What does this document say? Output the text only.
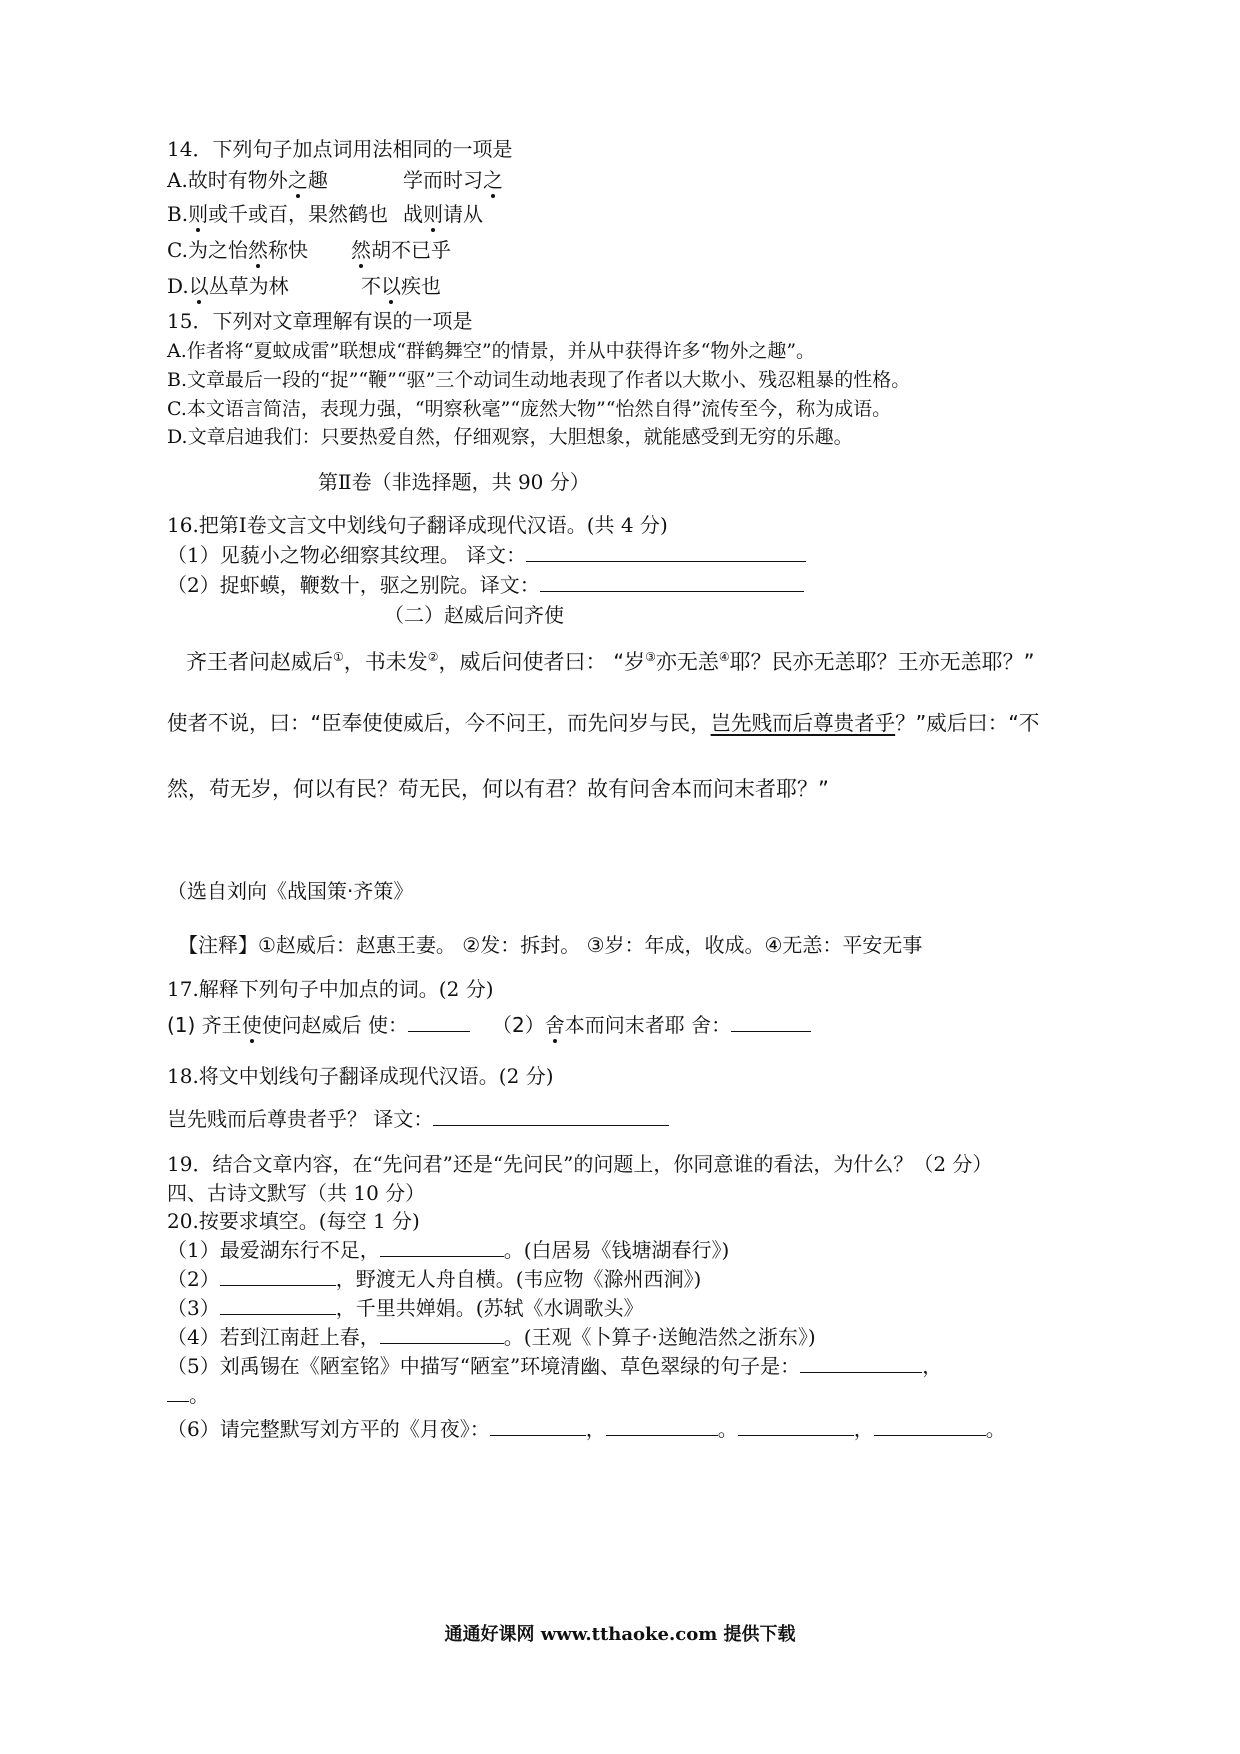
14．下列句子加点词用法相同的一项是
A.故时有物外之趣	学而时习之
B.则或千或百，果然鹤也 战则请从
C.为之怡然称快 然胡不已乎
D.以丛草为林	不以疾也
15．下列对文章理解有误的一项是
A.作者将“夏蚊成雷”联想成“群鹤舞空”的情景，并从中获得许多“物外之趣”。
B.文章最后一段的“捉”“鞭”“驱”三个动词生动地表现了作者以大欺小、残忍粗暴的性格。
C.本文语言简洁，表现力强，“明察秋毫”“庞然大物”“怡然自得”流传至今，称为成语。
D.文章启迪我们：只要热爱自然，仔细观察，大胆想象，就能感受到无穷的乐趣。
第Ⅱ卷（非选择题，共 90 分）
16.把第Ⅰ卷文言文中划线句子翻译成现代汉语。(共 4 分)
（1）见藐小之物必细察其纹理。 译文：
（2）捉虾蟆，鞭数十，驱之别院。译文：
（二）赵威后问齐使
齐王者问赵威后①，书未发②，威后问使者曰： “岁③亦无恙④耶？民亦无恙耶？王亦无恙耶？”
使者不说，曰：“臣奉使使威后，今不问王，而先问岁与民，岂先贱而后尊贵者乎？”威后曰：“不
然，苟无岁，何以有民？苟无民，何以有君？故有问舍本而问末者耶？”
（选自刘向《战国策·齐策》
【注释】①赵威后：赵惠王妻。 ②发：拆封。 ③岁：年成，收成。④无恙：平安无事
17.解释下列句子中加点的词。(2 分)
(1) 齐王使使问赵威后 使：	（2）舍本而问末者耶 舍：
18.将文中划线句子翻译成现代汉语。(2 分)
岂先贱而后尊贵者乎？ 译文：
19．结合文章内容，在“先问君”还是“先问民”的问题上，你同意谁的看法，为什么？（2 分）
四、古诗文默写（共 10 分）
20.按要求填空。(每空 1 分)
（1）最爱湖东行不足，	。(白居易《钱塘湖春行》)
（2）	，野渡无人舟自横。(韦应物《滁州西涧》)
（3）	，千里共婵娟。(苏轼《水调歌头》
（4）若到江南赶上春，	。(王观《卜算子·送鲍浩然之浙东》)
（5）刘禹锡在《陋室铭》中描写“陋室”环境清幽、草色翠绿的句子是：	，
。
（6）请完整默写刘方平的《月夜》：	，	。	，	。
通通好课网 www.tthaoke.com 提供下载
